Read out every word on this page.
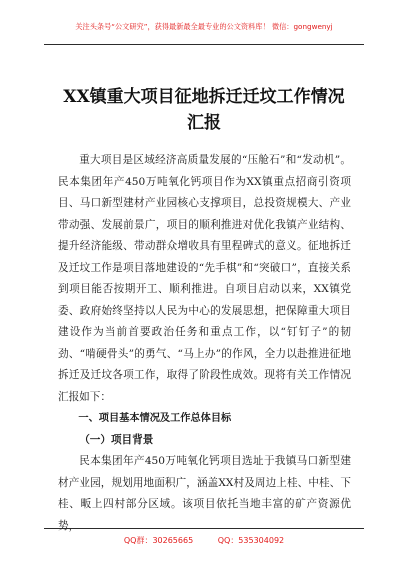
关注头条号“公文研究”，获得最新最全最专业的公文资料库！ 微信：gongwenyj
XX镇重大项目征地拆迁迁坟工作情况汇报

重大项目是区域经济高质量发展的“压舱石”和“发动机”。民本集团年产450万吨氧化钙项目作为XX镇重点招商引资项目、马口新型建材产业园核心支撑项目，总投资规模大、产业带动强、发展前景广，项目的顺利推进对优化我镇产业结构、提升经济能级、带动群众增收具有里程碑式的意义。征地拆迁及迁坟工作是项目落地建设的“先手棋”和“突破口”，直接关系到项目能否按期开工、顺利推进。自项目启动以来，XX镇党委、政府始终坚持以人民为中心的发展思想，把保障重大项目建设作为当前首要政治任务和重点工作，以“钉钉子”的韧劲、“啃硬骨头”的勇气、“马上办”的作风，全力以赴推进征地拆迁及迁坟各项工作，取得了阶段性成效。现将有关工作情况汇报如下：

一、项目基本情况及工作总体目标

（一）项目背景

民本集团年产450万吨氧化钙项目选址于我镇马口新型建材产业园，规划用地面积广，涵盖XX村及周边上桂、中桂、下桂、畈上四村部分区域。该项目依托当地丰富的矿产资源优势，

QQ群：30265665	QQ：535304092
